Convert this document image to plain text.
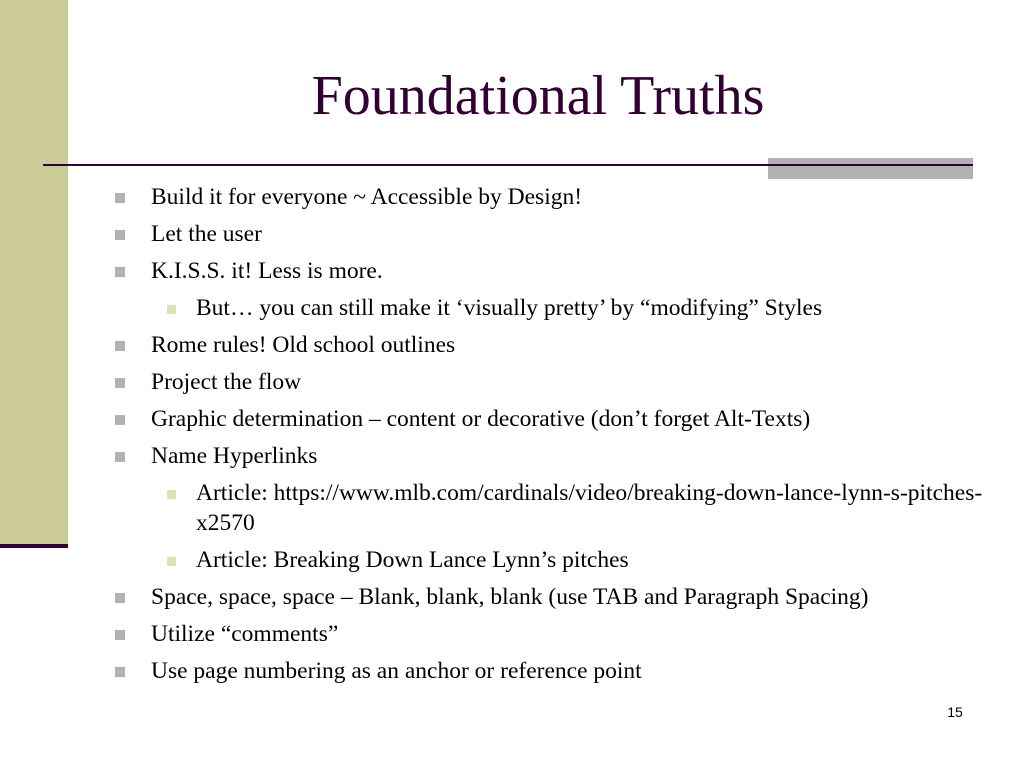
Foundational Truths
Build it for everyone ~ Accessible by Design!
Let the user
K.I.S.S. it! Less is more.
But… you can still make it ‘visually pretty’ by “modifying” Styles
Rome rules! Old school outlines
Project the flow
Graphic determination – content or decorative (don’t forget Alt-Texts)
Name Hyperlinks
Article: https://www.mlb.com/cardinals/video/breaking-down-lance-lynn-s-pitches-x2570
Article: Breaking Down Lance Lynn’s pitches
Space, space, space – Blank, blank, blank (use TAB and Paragraph Spacing)
Utilize “comments”
Use page numbering as an anchor or reference point
15
